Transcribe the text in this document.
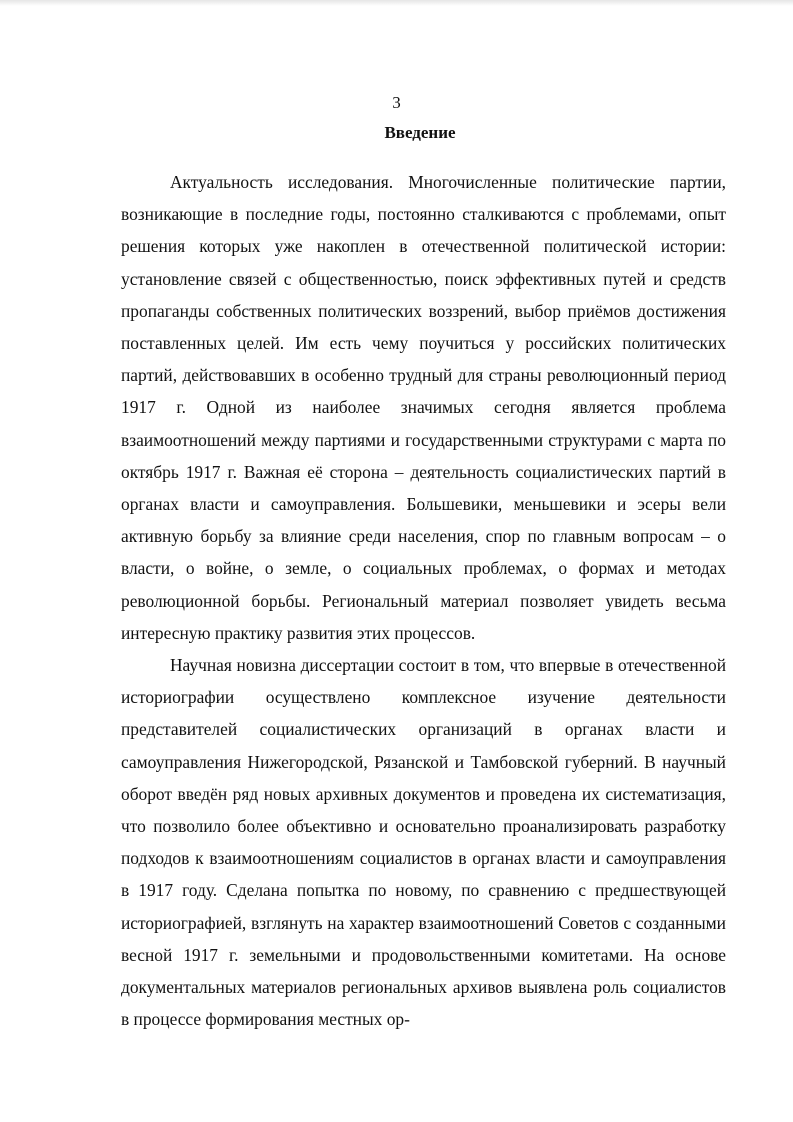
3
Введение

Актуальность исследования. Многочисленные политические партии, возникающие в последние годы, постоянно сталкиваются с проблемами, опыт решения которых уже накоплен в отечественной политической истории: установление связей с общественностью, поиск эффективных путей и средств пропаганды собственных политических воззрений, выбор приёмов достижения поставленных целей. Им есть чему поучиться у российских политических партий, действовавших в особенно трудный для страны революционный период 1917 г. Одной из наиболее значимых сегодня является проблема взаимоотношений между партиями и государственными структурами с марта по октябрь 1917 г. Важная её сторона – деятельность социалистических партий в органах власти и самоуправления. Большевики, меньшевики и эсеры вели активную борьбу за влияние среди населения, спор по главным вопросам – о власти, о войне, о земле, о социальных проблемах, о формах и методах революционной борьбы. Региональный материал позволяет увидеть весьма интересную практику развития этих процессов.

Научная новизна диссертации состоит в том, что впервые в отечественной историографии осуществлено комплексное изучение деятельности представителей социалистических организаций в органах власти и самоуправления Нижегородской, Рязанской и Тамбовской губерний. В научный оборот введён ряд новых архивных документов и проведена их систематизация, что позволило более объективно и основательно проанализировать разработку подходов к взаимоотношениям социалистов в органах власти и самоуправления в 1917 году. Сделана попытка по новому, по сравнению с предшествующей историографией, взглянуть на характер взаимоотношений Советов с созданными весной 1917 г. земельными и продовольственными комитетами. На основе документальных материалов региональных архивов выявлена роль социалистов в процессе формирования местных ор-
